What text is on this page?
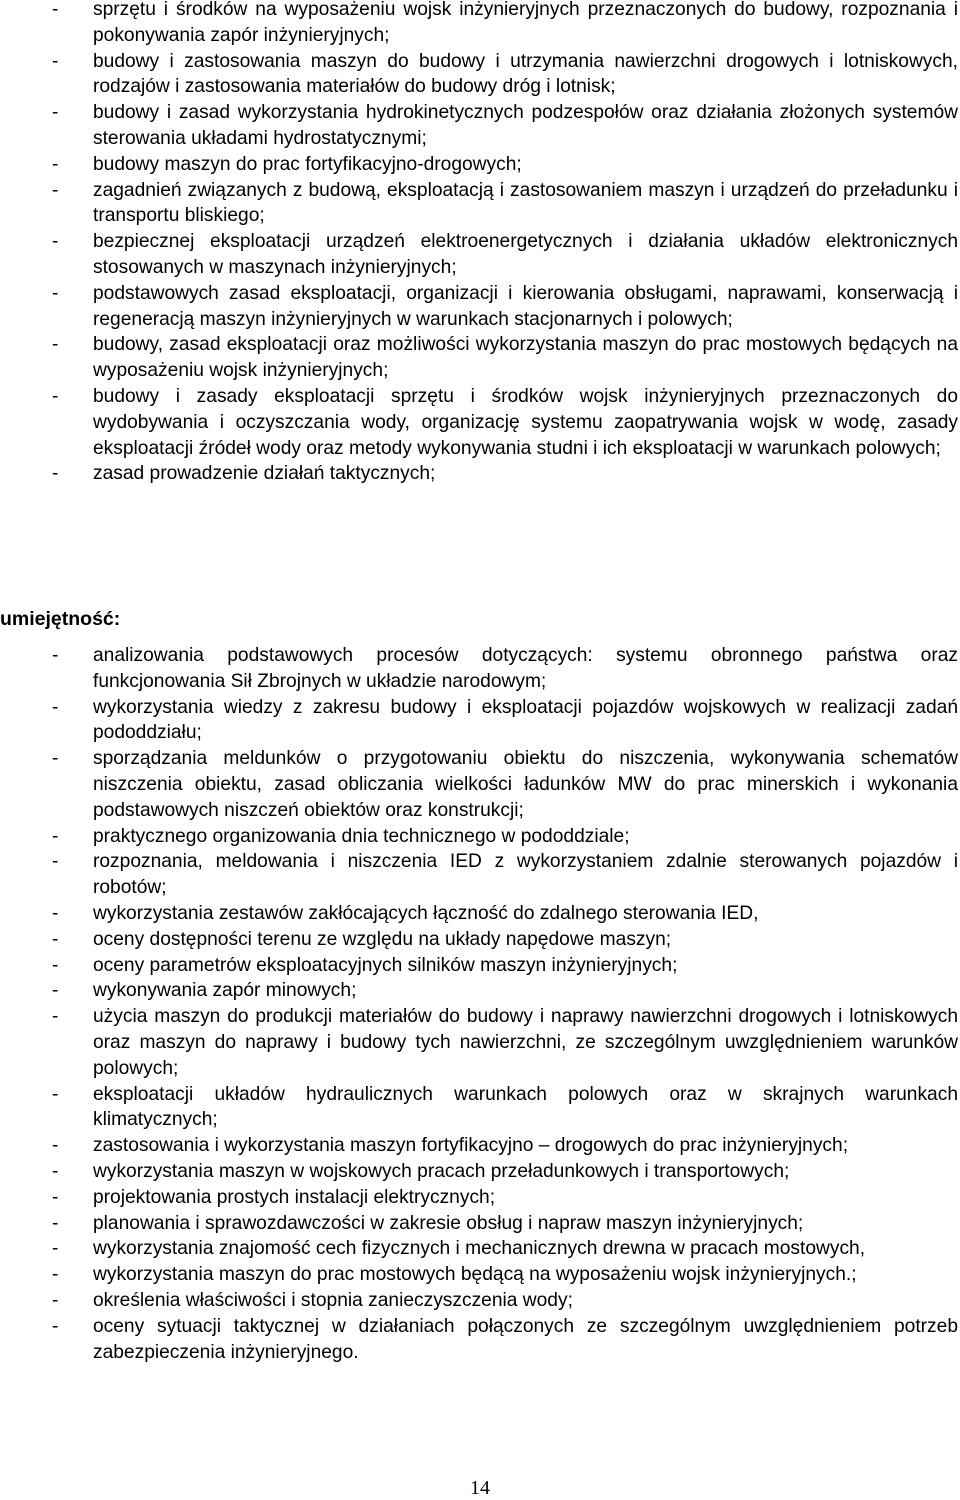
- sprzętu i środków na wyposażeniu wojsk inżynieryjnych przeznaczonych do budowy, rozpoznania i pokonywania zapór inżynieryjnych;
- budowy i zastosowania maszyn do budowy i utrzymania nawierzchni drogowych i lotniskowych, rodzajów i zastosowania materiałów do budowy dróg i lotnisk;
- budowy i zasad wykorzystania hydrokinetycznych podzespołów oraz działania złożonych systemów sterowania układami hydrostatycznymi;
- budowy maszyn do prac fortyfikacyjno-drogowych;
- zagadnień związanych z budową, eksploatacją i zastosowaniem maszyn i urządzeń do przeładunku i transportu bliskiego;
- bezpiecznej eksploatacji urządzeń elektroenergetycznych i działania układów elektronicznych stosowanych w maszynach inżynieryjnych;
- podstawowych zasad eksploatacji, organizacji i kierowania obsługami, naprawami, konserwacją i regeneracją maszyn inżynieryjnych w warunkach stacjonarnych i polowych;
- budowy, zasad eksploatacji oraz możliwości wykorzystania maszyn do prac mostowych będących na wyposażeniu wojsk inżynieryjnych;
- budowy i zasady eksploatacji sprzętu i środków wojsk inżynieryjnych przeznaczonych do wydobywania i oczyszczania wody, organizację systemu zaopatrywania wojsk w wodę, zasady eksploatacji źródeł wody oraz metody wykonywania studni i ich eksploatacji w warunkach polowych;
- zasad prowadzenie działań taktycznych;
umiejętność:
- analizowania podstawowych procesów dotyczących: systemu obronnego państwa oraz funkcjonowania Sił Zbrojnych w układzie narodowym;
- wykorzystania wiedzy z zakresu budowy i eksploatacji pojazdów wojskowych w realizacji zadań pododdziału;
- sporządzania meldunków o przygotowaniu obiektu do niszczenia, wykonywania schematów niszczenia obiektu, zasad obliczania wielkości ładunków MW do prac minerskich i wykonania podstawowych niszczeń obiektów oraz konstrukcji;
- praktycznego organizowania dnia technicznego w pododdziale;
- rozpoznania, meldowania i niszczenia IED z wykorzystaniem zdalnie sterowanych pojazdów i robotów;
- wykorzystania zestawów zakłócających łączność do zdalnego sterowania IED,
- oceny dostępności terenu ze względu na układy napędowe maszyn;
- oceny parametrów eksploatacyjnych silników maszyn inżynieryjnych;
- wykonywania zapór minowych;
- użycia maszyn do produkcji materiałów do budowy i naprawy nawierzchni drogowych i lotniskowych oraz maszyn do naprawy i budowy tych nawierzchni, ze szczególnym uwzględnieniem warunków polowych;
- eksploatacji układów hydraulicznych warunkach polowych oraz w skrajnych warunkach klimatycznych;
- zastosowania i wykorzystania maszyn fortyfikacyjno – drogowych do prac inżynieryjnych;
- wykorzystania maszyn w wojskowych pracach przeładunkowych i transportowych;
- projektowania prostych instalacji elektrycznych;
- planowania i sprawozdawczości w zakresie obsług i napraw maszyn inżynieryjnych;
- wykorzystania znajomość cech fizycznych i mechanicznych drewna w pracach mostowych,
- wykorzystania maszyn do prac mostowych będącą na wyposażeniu wojsk inżynieryjnych.;
- określenia właściwości i stopnia zanieczyszczenia wody;
- oceny sytuacji taktycznej w działaniach połączonych ze szczególnym uwzględnieniem potrzeb zabezpieczenia inżynieryjnego.
14
